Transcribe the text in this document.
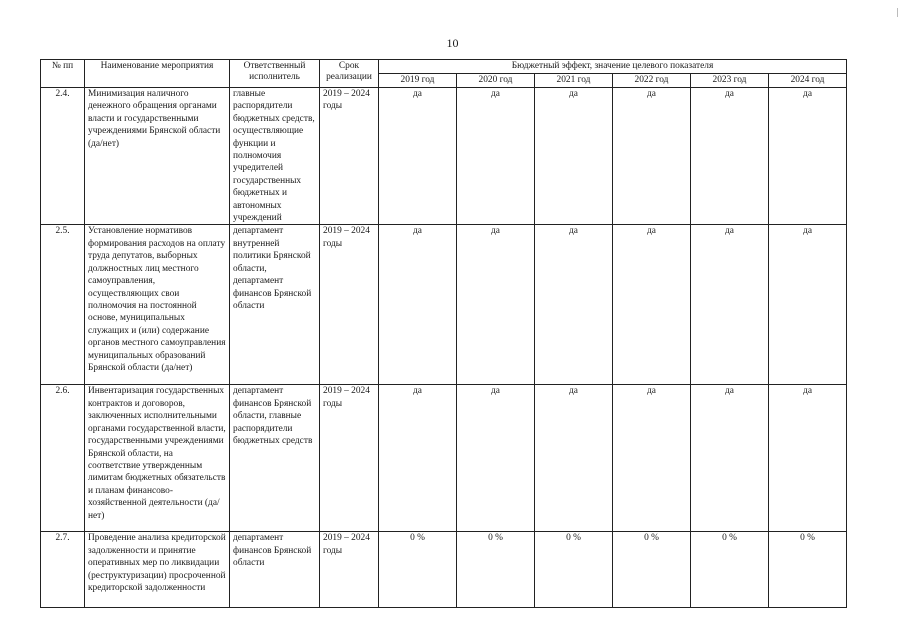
10
№ пп	Наименование мероприятия	Ответственный исполнитель	Срок реализации	Бюджетный эффект, значение целевого показателя					
				2019 год	2020 год	2021 год	2022 год	2023 год	2024 год
2.4.	Минимизация наличного денежного обращения органами власти и государственными учреждениями Брянской области (да/нет)	главные распорядители бюджетных средств, осуществляющие функции и полномочия учредителей государственных бюджетных и автономных учреждений	2019 – 2024 годы	да	да	да	да	да	да
2.5.	Установление нормативов формирования расходов на оплату труда депутатов, выборных должностных лиц местного самоуправления, осуществляющих свои полномочия на постоянной основе, муниципальных служащих и (или) содержание органов местного самоуправления муниципальных образований Брянской области (да/нет)	департамент внутренней политики Брянской области, департамент финансов Брянской области	2019 – 2024 годы	да	да	да	да	да	да
2.6.	Инвентаризация государственных контрактов и договоров, заключенных исполнительными органами государственной власти, государственными учреждениями Брянской области, на соответствие утвержденным лимитам бюджетных обязательств и планам финансово-хозяйственной деятельности (да/нет)	департамент финансов Брянской области, главные распорядители бюджетных средств	2019 – 2024 годы	да	да	да	да	да	да
2.7.	Проведение анализа кредиторской задолженности и принятие оперативных мер по ликвидации (реструктуризации) просроченной кредиторской задолженности	департамент финансов Брянской области	2019 – 2024 годы	0 %	0 %	0 %	0 %	0 %	0 %
